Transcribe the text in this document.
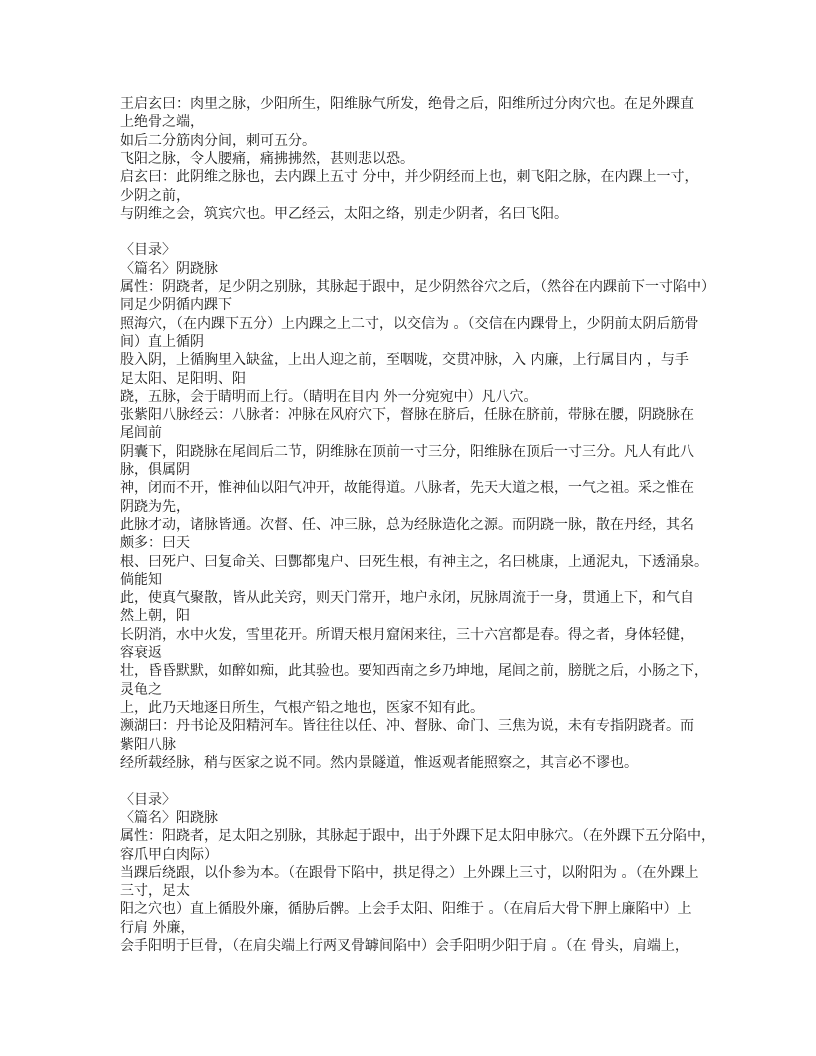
王启玄曰：肉里之脉，少阳所生，阳维脉气所发，绝骨之后，阳维所过分肉穴也。在足外踝直
上绝骨之端，
如后二分筋肉分间，刺可五分。
飞阳之脉，令人腰痛，痛拂拂然，甚则悲以恐。
启玄曰：此阴维之脉也，去内踝上五寸 分中，并少阴经而上也，刺飞阳之脉，在内踝上一寸，
少阴之前，
与阴维之会，筑宾穴也。甲乙经云，太阳之络，别走少阴者，名曰飞阳。
〈目录〉
〈篇名〉阴跷脉
属性：阴跷者，足少阴之别脉，其脉起于跟中，足少阴然谷穴之后，（然谷在内踝前下一寸陷中）
同足少阴循内踝下
照海穴，（在内踝下五分）上内踝之上二寸，以交信为 。（交信在内踝骨上，少阴前太阴后筋骨
间）直上循阴
股入阴，上循胸里入缺盆，上出人迎之前，至咽咙，交贯冲脉，入 内廉，上行属目内 ，与手
足太阳、足阳明、阳
跷，五脉，会于睛明而上行。（睛明在目内 外一分宛宛中）凡八穴。
张紫阳八脉经云：八脉者：冲脉在风府穴下，督脉在脐后，任脉在脐前，带脉在腰，阴跷脉在
尾闾前
阴囊下，阳跷脉在尾闾后二节，阴维脉在顶前一寸三分，阳维脉在顶后一寸三分。凡人有此八
脉，俱属阴
神，闭而不开，惟神仙以阳气冲开，故能得道。八脉者，先天大道之根，一气之祖。采之惟在
阴跷为先，
此脉才动，诸脉皆通。次督、任、冲三脉，总为经脉造化之源。而阴跷一脉，散在丹经，其名
颇多：曰天
根、曰死户、曰复命关、曰酆都鬼户、曰死生根，有神主之，名曰桃康，上通泥丸，下透涌泉。
倘能知
此，使真气聚散，皆从此关窍，则天门常开，地户永闭，尻脉周流于一身，贯通上下，和气自
然上朝，阳
长阴消，水中火发，雪里花开。所谓天根月窟闲来往，三十六宫都是春。得之者，身体轻健，
容衰返
壮，昏昏默默，如醉如痴，此其验也。要知西南之乡乃坤地，尾闾之前，膀胱之后，小肠之下，
灵龟之
上，此乃天地逐日所生，气根产铅之地也，医家不知有此。
濒湖曰：丹书论及阳精河车。皆往往以任、冲、督脉、命门、三焦为说，未有专指阴跷者。而
紫阳八脉
经所载经脉，稍与医家之说不同。然内景隧道，惟返观者能照察之，其言必不谬也。
〈目录〉
〈篇名〉阳跷脉
属性：阳跷者，足太阳之别脉，其脉起于跟中，出于外踝下足太阳申脉穴。（在外踝下五分陷中，
容爪甲白肉际）
当踝后绕跟，以仆参为本。（在跟骨下陷中，拱足得之）上外踝上三寸，以附阳为 。（在外踝上
三寸，足太
阳之穴也）直上循股外廉，循胁后髀。上会手太阳、阳维于 。（在肩后大骨下胛上廉陷中）上
行肩 外廉，
会手阳明于巨骨，（在肩尖端上行两叉骨罅间陷中）会手阳明少阳于肩 。（在 骨头，肩端上，
